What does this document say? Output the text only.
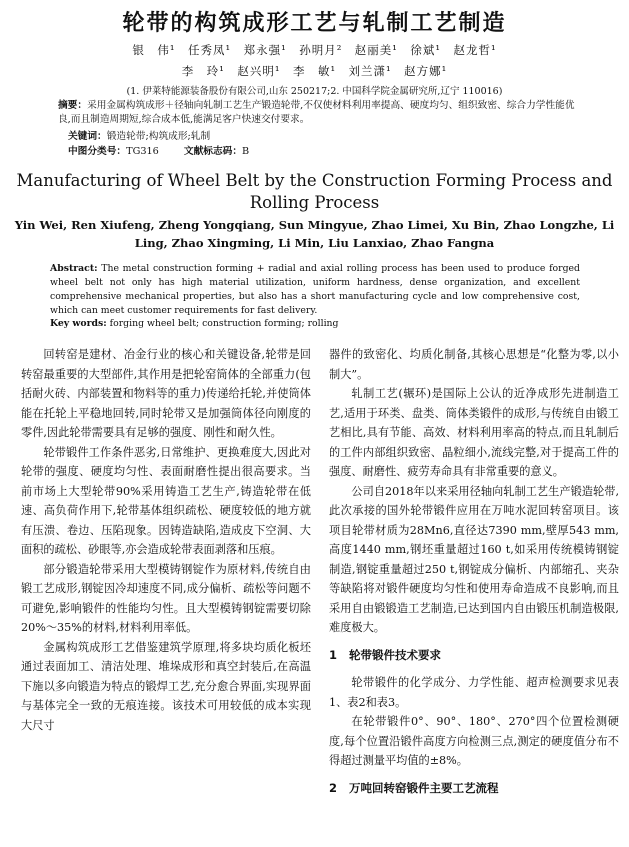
轮带的构筑成形工艺与轧制工艺制造
银　伟¹　任秀凤¹　郑永强¹　孙明月²　赵丽美¹　徐斌¹　赵龙哲¹
李　玲¹　赵兴明¹　李　敏¹　刘兰潇¹　赵方娜¹
(1. 伊莱特能源装备股份有限公司,山东 250217;2. 中国科学院金属研究所,辽宁 110016)
摘要：采用金属构筑成形＋径轴向轧制工艺生产锻造轮带,不仅使材料利用率提高、硬度均匀、组织致密、综合力学性能优良,而且制造周期短,综合成本低,能满足客户快速交付要求。
关键词：锻造轮带;构筑成形;轧制
中图分类号：TG316	文献标志码：B
Manufacturing of Wheel Belt by the Construction Forming Process and Rolling Process
Yin Wei, Ren Xiufeng, Zheng Yongqiang, Sun Mingyue, Zhao Limei, Xu Bin, Zhao Longzhe, Li Ling, Zhao Xingming, Li Min, Liu Lanxiao, Zhao Fangna
Abstract: The metal construction forming + radial and axial rolling process has been used to produce forged wheel belt not only has high material utilization, uniform hardness, dense organization, and excellent comprehensive mechanical properties, but also has a short manufacturing cycle and low comprehensive cost, which can meet customer requirements for fast delivery.
Key words: forging wheel belt; construction forming; rolling

回转窑是建材、冶金行业的核心和关键设备,轮带是回转窑最重要的大型部件,其作用是把轮窑筒体的全部重力(包括耐火砖、内部装置和物料等的重力)传递给托轮,并使筒体能在托轮上平稳地回转,同时轮带又是加强筒体径向刚度的零件,因此轮带需要具有足够的强度、刚性和耐久性。

轮带锻件工作条件恶劣,日常维护、更换难度大,因此对轮带的强度、硬度均匀性、表面耐磨性提出很高要求。当前市场上大型轮带90%采用铸造工艺生产,铸造轮带在低速、高负荷作用下,轮带基体组织疏松、硬度较低的地方就有压溃、卷边、压陷现象。因铸造缺陷,造成皮下空洞、大面积的疏松、砂眼等,亦会造成轮带表面剥落和压痕。

部分锻造轮带采用大型模铸钢锭作为原材料,传统自由锻工艺成形,钢锭因冷却速度不同,成分偏析、疏松等问题不可避免,影响锻件的性能均匀性。且大型模铸钢锭需要切除20%～35%的材料,材料利用率低。

金属构筑成形工艺借鉴建筑学原理,将多块均质化板坯通过表面加工、清洁处理、堆垛成形和真空封装后,在高温下施以多向锻造为特点的锻焊工艺,充分愈合界面,实现界面与基体完全一致的无痕连接。该技术可用较低的成本实现大尺寸

器件的致密化、均质化制备,其核心思想是“化整为零,以小制大”。

轧制工艺(辗环)是国际上公认的近净成形先进制造工艺,适用于环类、盘类、筒体类锻件的成形,与传统自由锻工艺相比,具有节能、高效、材料利用率高的特点,而且轧制后的工件内部组织致密、晶粒细小,流线完整,对于提高工件的强度、耐磨性、疲劳寿命具有非常重要的意义。

公司自2018年以来采用径轴向轧制工艺生产锻造轮带,此次承接的国外轮带锻件应用在万吨水泥回转窑项目。该项目轮带材质为28Mn6,直径达7390 mm,壁厚543 mm,高度1440 mm,钢坯重量超过160 t,如采用传统模铸钢锭制造,钢锭重量超过250 t,钢锭成分偏析、内部缩孔、夹杂等缺陷将对锻件硬度均匀性和使用寿命造成不良影响,而且采用自由锻锻造工艺制造,已达到国内自由锻压机制造极限,难度极大。

1 轮带锻件技术要求

轮带锻件的化学成分、力学性能、超声检测要求见表1、表2和表3。

在轮带锻件0°、90°、180°、270°四个位置检测硬度,每个位置沿锻件高度方向检测三点,测定的硬度值分布不得超过测量平均值的±8%。

2 万吨回转窑锻件主要工艺流程
